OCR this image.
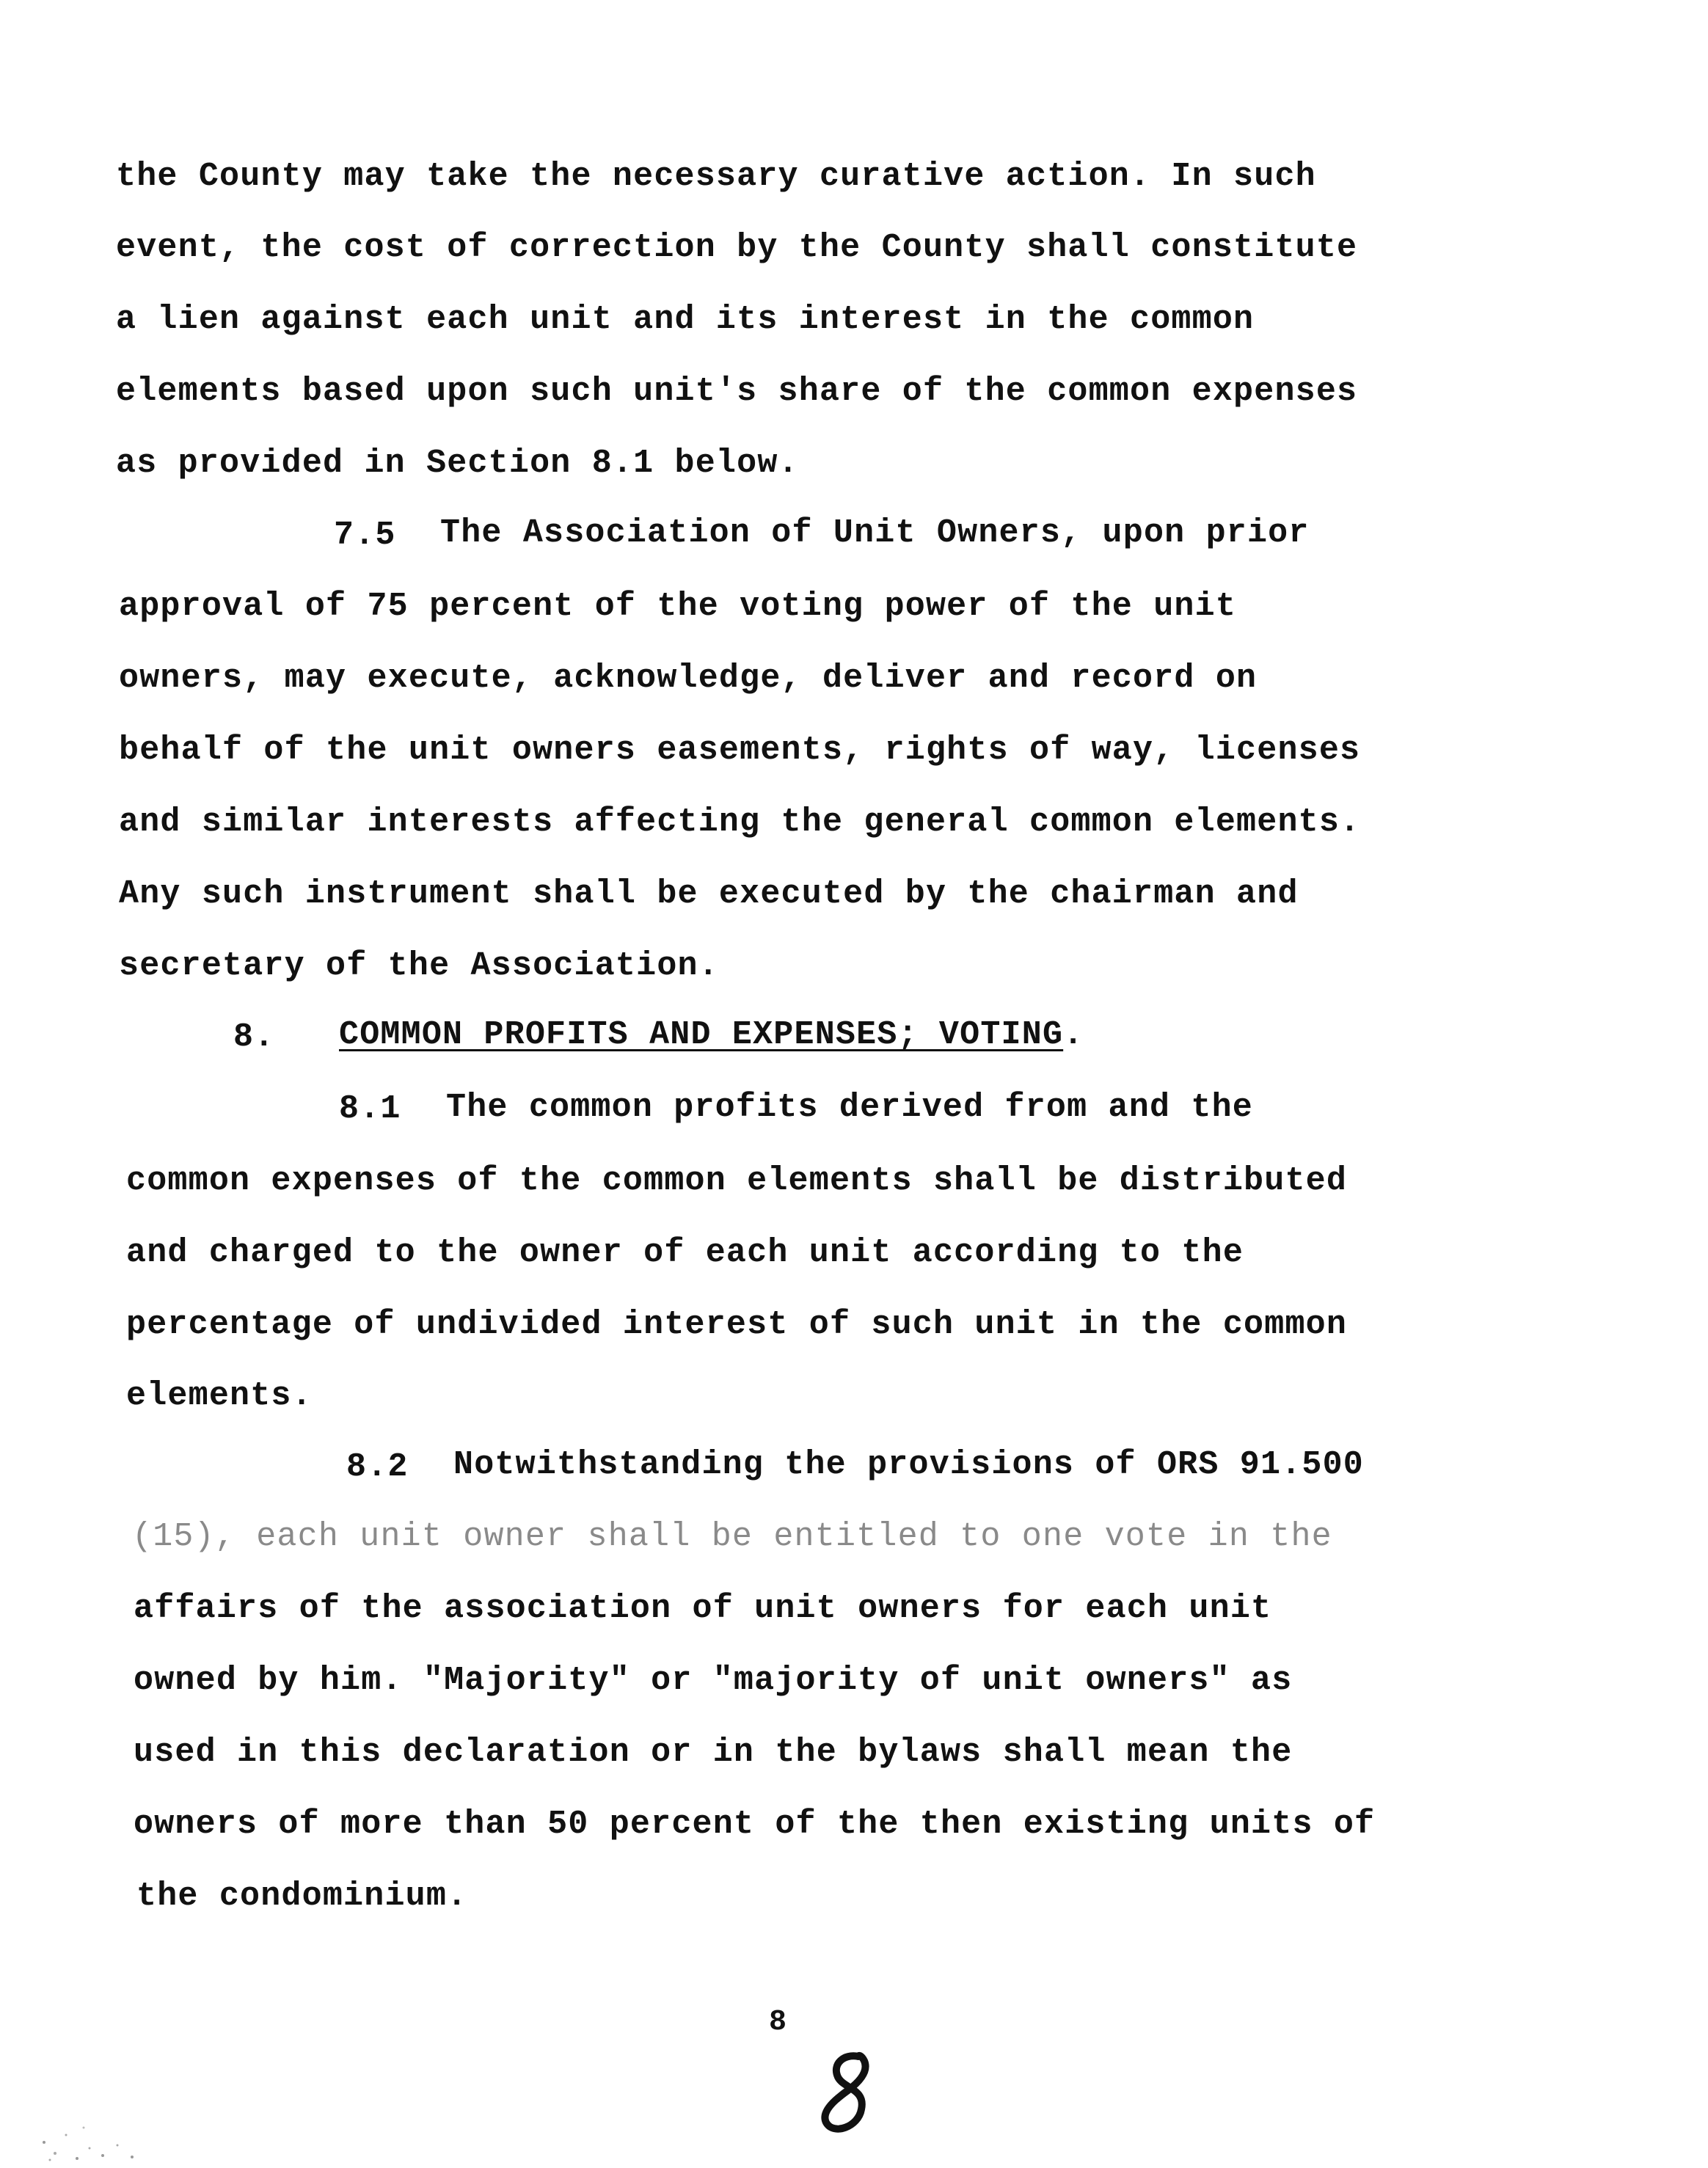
the County may take the necessary curative action. In such
event, the cost of correction by the County shall constitute
a lien against each unit and its interest in the common
elements based upon such unit's share of the common expenses
as provided in Section 8.1 below.
7.5 The Association of Unit Owners, upon prior
approval of 75 percent of the voting power of the unit
owners, may execute, acknowledge, deliver and record on
behalf of the unit owners easements, rights of way, licenses
and similar interests affecting the general common elements.
Any such instrument shall be executed by the chairman and
secretary of the Association.
8. COMMON PROFITS AND EXPENSES; VOTING.
8.1 The common profits derived from and the
common expenses of the common elements shall be distributed
and charged to the owner of each unit according to the
percentage of undivided interest of such unit in the common
elements.
8.2 Notwithstanding the provisions of ORS 91.500
(15), each unit owner shall be entitled to one vote in the
affairs of the association of unit owners for each unit
owned by him. "Majority" or "majority of unit owners" as
used in this declaration or in the bylaws shall mean the
owners of more than 50 percent of the then existing units of
the condominium.
8
